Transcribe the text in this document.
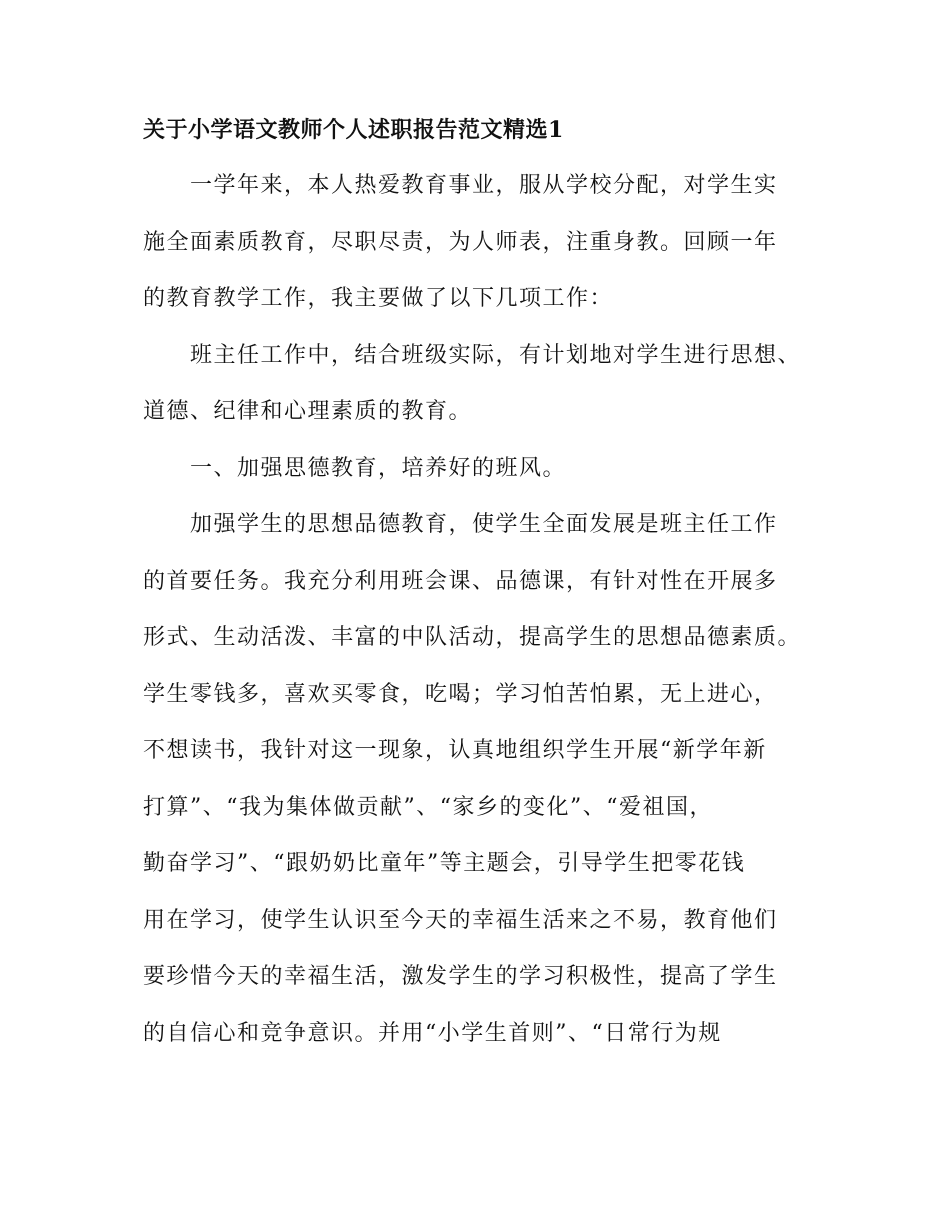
关于小学语文教师个人述职报告范文精选1
一学年来，本人热爱教育事业，服从学校分配，对学生实
施全面素质教育，尽职尽责，为人师表，注重身教。回顾一年
的教育教学工作，我主要做了以下几项工作：
班主任工作中，结合班级实际，有计划地对学生进行思想、
道德、纪律和心理素质的教育。
一、加强思德教育，培养好的班风。
加强学生的思想品德教育，使学生全面发展是班主任工作
的首要任务。我充分利用班会课、品德课，有针对性在开展多
形式、生动活泼、丰富的中队活动，提高学生的思想品德素质。
学生零钱多，喜欢买零食，吃喝；学习怕苦怕累，无上进心，
不想读书，我针对这一现象，认真地组织学生开展“新学年新
打算”、“我为集体做贡献”、“家乡的变化”、“爱祖国，
勤奋学习”、“跟奶奶比童年”等主题会，引导学生把零花钱
用在学习，使学生认识至今天的幸福生活来之不易，教育他们
要珍惜今天的幸福生活，激发学生的学习积极性，提高了学生
的自信心和竞争意识。并用“小学生首则”、“日常行为规
